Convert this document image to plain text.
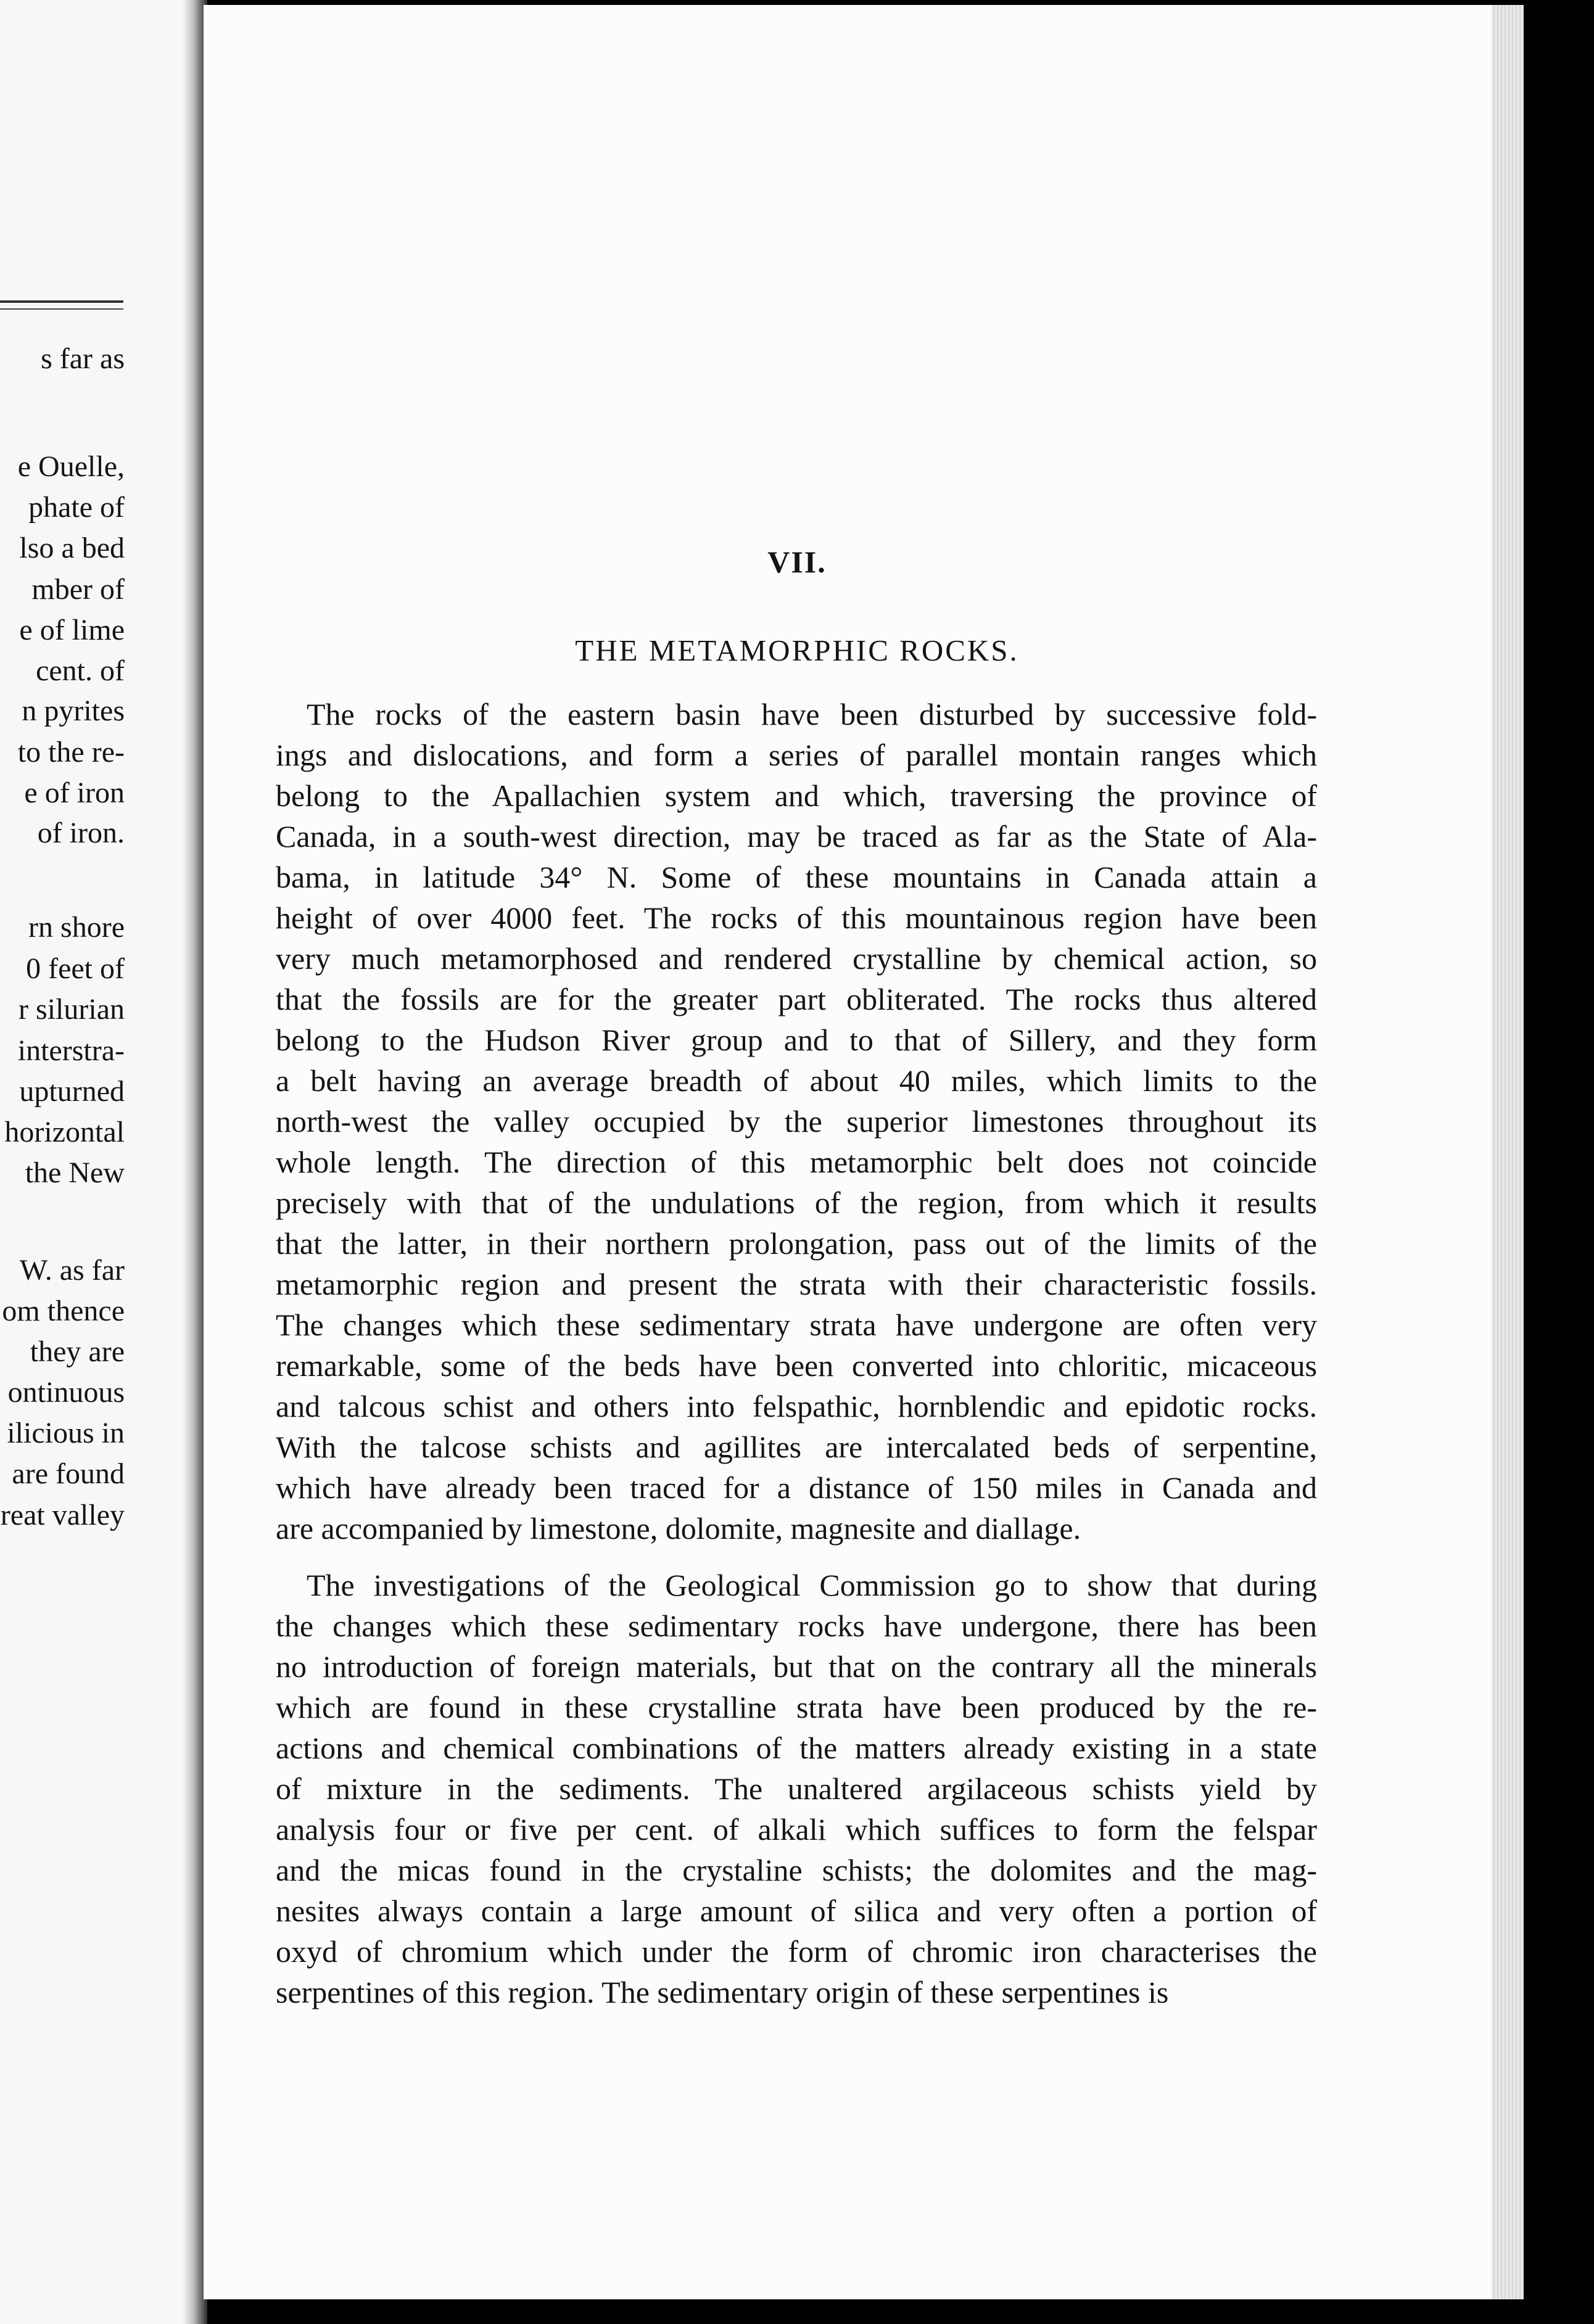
s far as
e Ouelle,
phate of
lso a bed
mber of
e of lime
cent. of
n pyrites
to the re-
e of iron
of iron.
rn shore
0 feet of
r silurian
interstra-
upturned
horizontal
the New
W. as far
om thence
they are
ontinuous
ilicious in
are found
reat valley
VII.
THE METAMORPHIC ROCKS.
The rocks of the eastern basin have been disturbed by successive fold-
ings and dislocations, and form a series of parallel montain ranges which
belong to the Apallachien system and which, traversing the province of
Canada, in a south-west direction, may be traced as far as the State of Ala-
bama, in latitude 34° N. Some of these mountains in Canada attain a
height of over 4000 feet. The rocks of this mountainous region have been
very much metamorphosed and rendered crystalline by chemical action, so
that the fossils are for the greater part obliterated. The rocks thus altered
belong to the Hudson River group and to that of Sillery, and they form
a belt having an average breadth of about 40 miles, which limits to the
north-west the valley occupied by the superior limestones throughout its
whole length. The direction of this metamorphic belt does not coincide
precisely with that of the undulations of the region, from which it results
that the latter, in their northern prolongation, pass out of the limits of the
metamorphic region and present the strata with their characteristic fossils.
The changes which these sedimentary strata have undergone are often very
remarkable, some of the beds have been converted into chloritic, micaceous
and talcous schist and others into felspathic, hornblendic and epidotic rocks.
With the talcose schists and agillites are intercalated beds of serpentine,
which have already been traced for a distance of 150 miles in Canada and
are accompanied by limestone, dolomite, magnesite and diallage.
The investigations of the Geological Commission go to show that during
the changes which these sedimentary rocks have undergone, there has been
no introduction of foreign materials, but that on the contrary all the minerals
which are found in these crystalline strata have been produced by the re-
actions and chemical combinations of the matters already existing in a state
of mixture in the sediments. The unaltered argilaceous schists yield by
analysis four or five per cent. of alkali which suffices to form the felspar
and the micas found in the crystaline schists; the dolomites and the mag-
nesites always contain a large amount of silica and very often a portion of
oxyd of chromium which under the form of chromic iron characterises the
serpentines of this region. The sedimentary origin of these serpentines is
